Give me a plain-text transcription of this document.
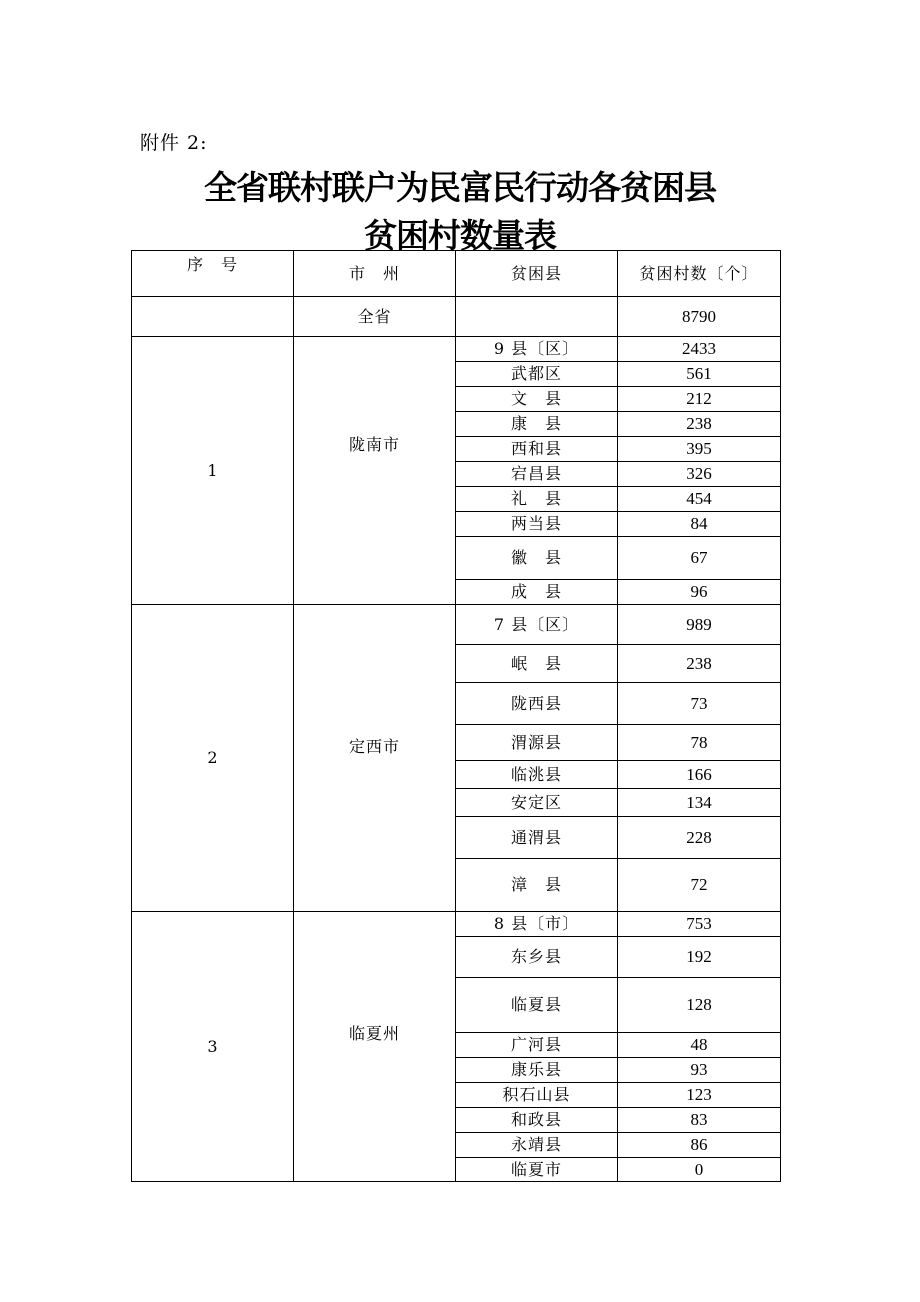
附件 2:
全省联村联户为民富民行动各贫困县
贫困村数量表
序　号	市　州	贫困县	贫困村数〔个〕
	全省		8790
1	陇南市	9 县〔区〕	2433
		武都区	561
		文　县	212
		康　县	238
		西和县	395
		宕昌县	326
		礼　县	454
		两当县	84
		徽　县	67
		成　县	96
2	定西市	7 县〔区〕	989
		岷　县	238
		陇西县	73
		渭源县	78
		临洮县	166
		安定区	134
		通渭县	228
		漳　县	72
3	临夏州	8 县〔市〕	753
		东乡县	192
		临夏县	128
		广河县	48
		康乐县	93
		积石山县	123
		和政县	83
		永靖县	86
		临夏市	0
